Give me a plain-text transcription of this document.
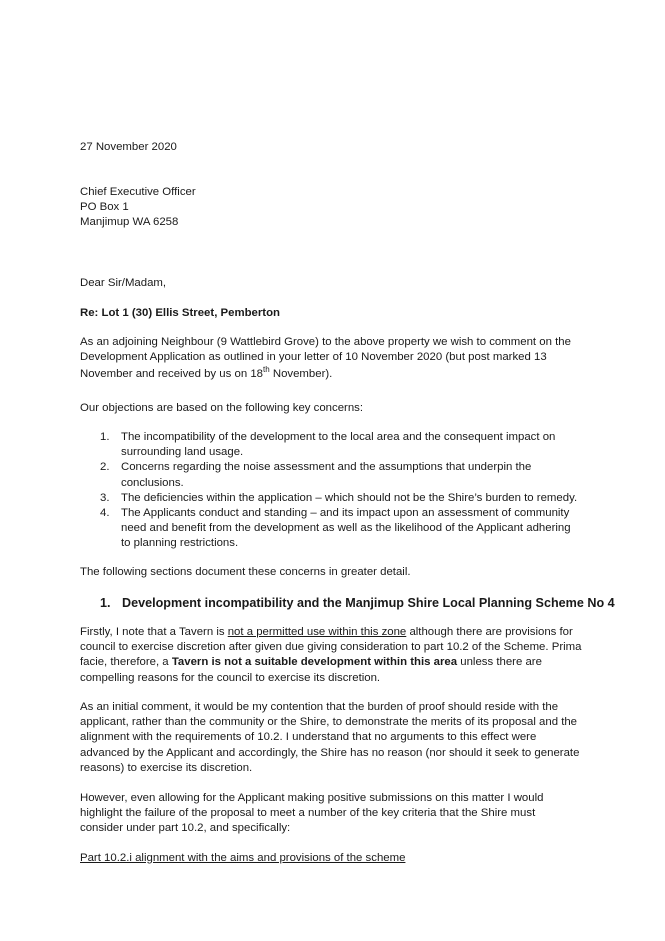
27 November 2020
Chief Executive Officer
PO Box 1
Manjimup WA 6258
Dear Sir/Madam,
Re: Lot 1 (30) Ellis Street, Pemberton
As an adjoining Neighbour (9 Wattlebird Grove) to the above property we wish to comment on the
Development Application as outlined in your letter of 10 November 2020 (but post marked 13
November and received by us on 18th November).
Our objections are based on the following key concerns:
1. The incompatibility of the development to the local area and the consequent impact on
surrounding land usage.
2. Concerns regarding the noise assessment and the assumptions that underpin the
conclusions.
3. The deficiencies within the application – which should not be the Shire’s burden to remedy.
4. The Applicants conduct and standing – and its impact upon an assessment of community
need and benefit from the development as well as the likelihood of the Applicant adhering
to planning restrictions.
The following sections document these concerns in greater detail.
1. Development incompatibility and the Manjimup Shire Local Planning Scheme No 4
Firstly, I note that a Tavern is not a permitted use within this zone although there are provisions for
council to exercise discretion after given due giving consideration to part 10.2 of the Scheme. Prima
facie, therefore, a Tavern is not a suitable development within this area unless there are
compelling reasons for the council to exercise its discretion.
As an initial comment, it would be my contention that the burden of proof should reside with the
applicant, rather than the community or the Shire, to demonstrate the merits of its proposal and the
alignment with the requirements of 10.2. I understand that no arguments to this effect were
advanced by the Applicant and accordingly, the Shire has no reason (nor should it seek to generate
reasons) to exercise its discretion.
However, even allowing for the Applicant making positive submissions on this matter I would
highlight the failure of the proposal to meet a number of the key criteria that the Shire must
consider under part 10.2, and specifically:
Part 10.2.i alignment with the aims and provisions of the scheme
